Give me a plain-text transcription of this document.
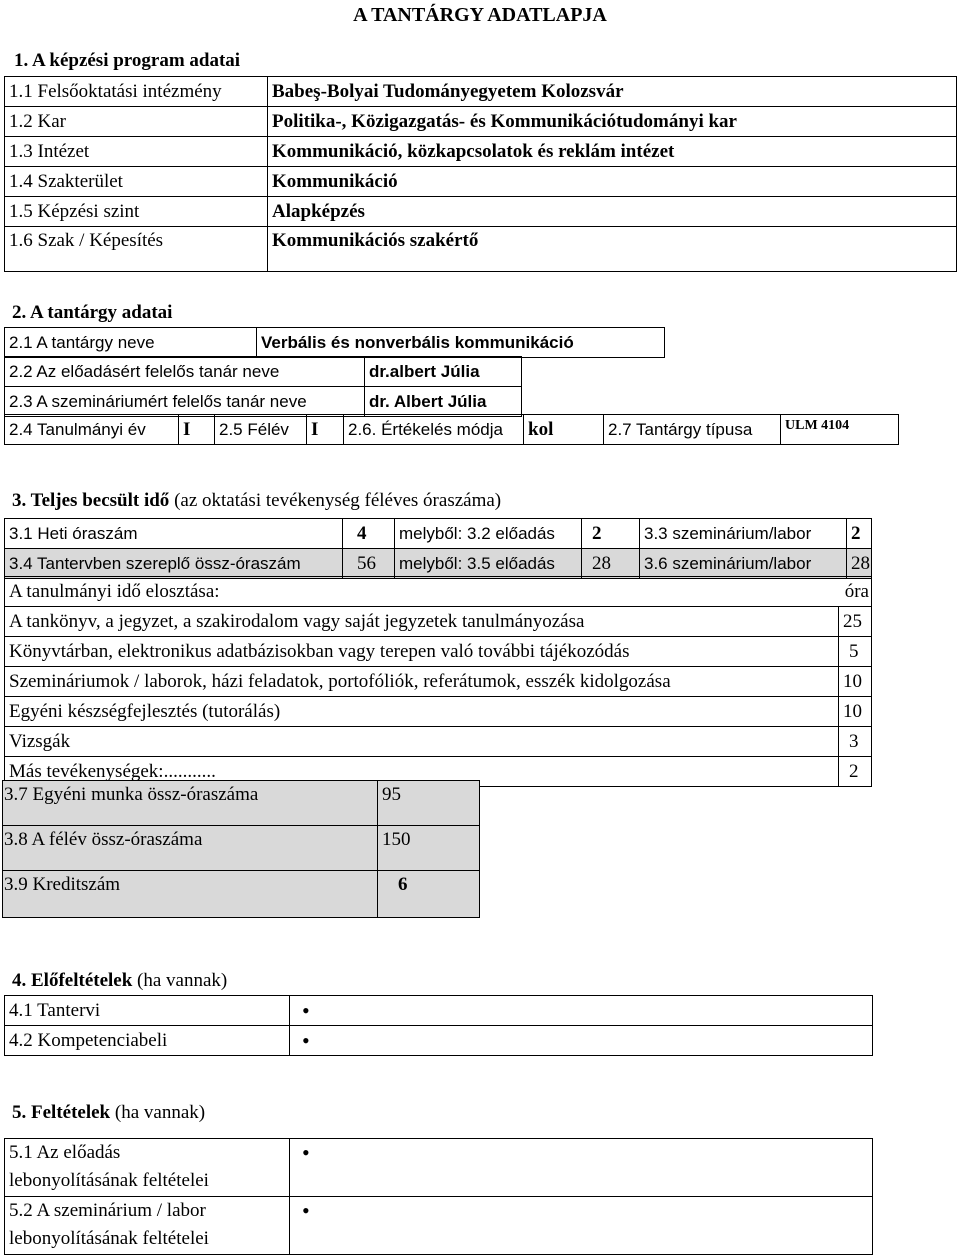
A TANTÁRGY ADATLAPJA
1. A képzési program adatai
1.1 Felsőoktatási intézmény	Babeş-Bolyai Tudományegyetem Kolozsvár
1.2 Kar	Politika-, Közigazgatás- és Kommunikációtudományi kar
1.3 Intézet	Kommunikáció, közkapcsolatok és reklám intézet
1.4 Szakterület	Kommunikáció
1.5 Képzési szint	Alapképzés
1.6 Szak / Képesítés	Kommunikációs szakértő
2. A tantárgy adatai
2.1 A tantárgy neve	Verbális és nonverbális kommunikáció
2.2 Az előadásért felelős tanár neve	dr.albert Júlia
2.3 A szemináriumért felelős tanár neve	dr. Albert Júlia
2.4 Tanulmányi év	I	2.5 Félév	I	2.6. Értékelés módja	kol	2.7 Tantárgy típusa	ULM 4104
3. Teljes becsült idő (az oktatási tevékenység féléves óraszáma)
3.1 Heti óraszám	4	melyből: 3.2 előadás	2	3.3 szeminárium/labor	2
3.4 Tantervben szereplő össz-óraszám	56	melyből: 3.5 előadás	28	3.6 szeminárium/labor	28
A tanulmányi idő elosztása:	óra
A tankönyv, a jegyzet, a szakirodalom vagy saját jegyzetek tanulmányozása	25
Könyvtárban, elektronikus adatbázisokban vagy terepen való további tájékozódás	5
Szemináriumok / laborok, házi feladatok, portofóliók, referátumok, esszék kidolgozása	10
Egyéni készségfejlesztés (tutorálás)	10
Vizsgák	3
Más tevékenységek:...........	2
3.7 Egyéni munka össz-óraszáma	95
3.8 A félév össz-óraszáma	150
3.9 Kreditszám	6
4. Előfeltételek (ha vannak)
4.1 Tantervi	•
4.2 Kompetenciabeli	•
5. Feltételek (ha vannak)
5.1 Az előadás
lebonyolításának feltételei	•

5.2 A szeminárium / labor
lebonyolításának feltételei	•
